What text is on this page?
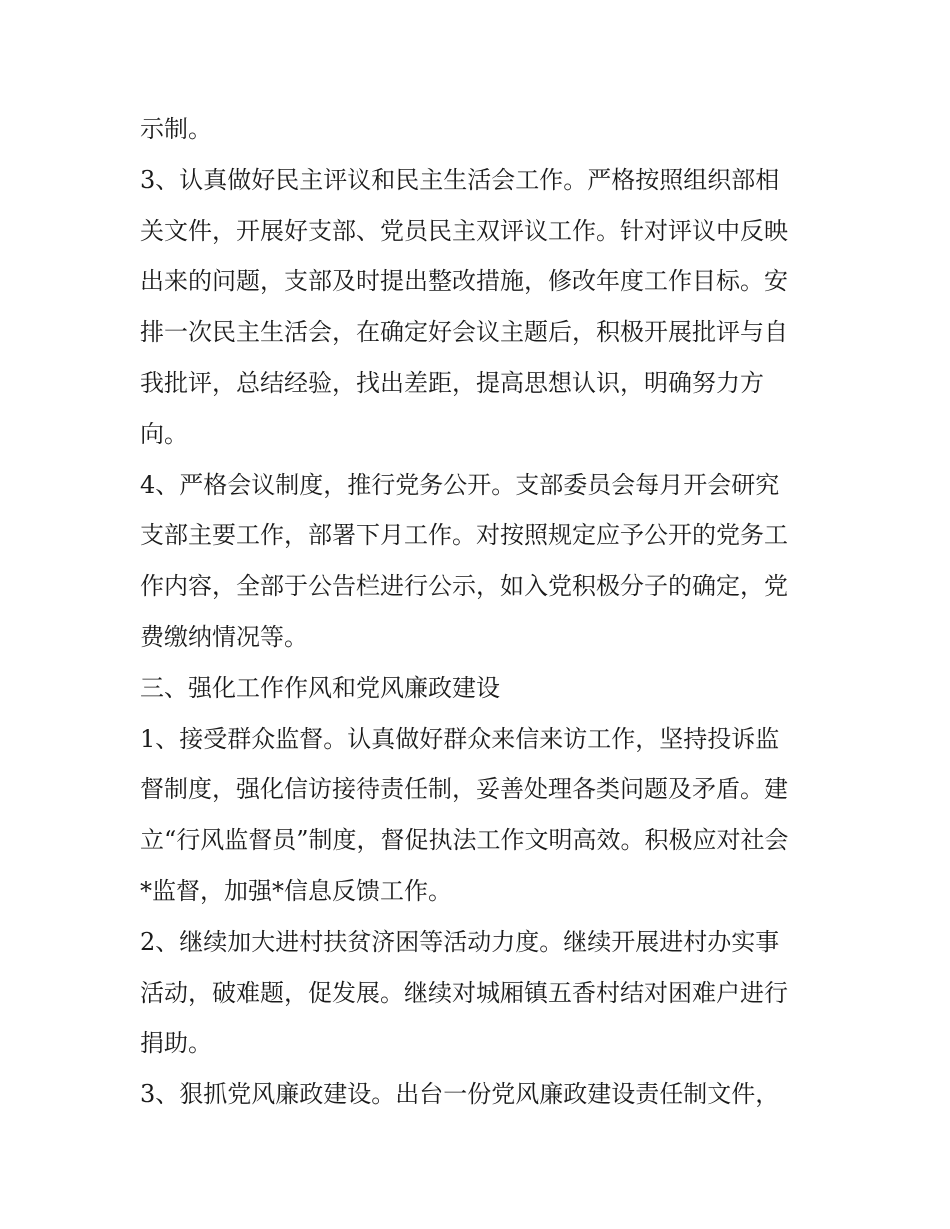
示制。
3、认真做好民主评议和民主生活会工作。严格按照组织部相
关文件，开展好支部、党员民主双评议工作。针对评议中反映
出来的问题，支部及时提出整改措施，修改年度工作目标。安
排一次民主生活会，在确定好会议主题后，积极开展批评与自
我批评，总结经验，找出差距，提高思想认识，明确努力方
向。
4、严格会议制度，推行党务公开。支部委员会每月开会研究
支部主要工作，部署下月工作。对按照规定应予公开的党务工
作内容，全部于公告栏进行公示，如入党积极分子的确定，党
费缴纳情况等。
三、强化工作作风和党风廉政建设
1、接受群众监督。认真做好群众来信来访工作，坚持投诉监
督制度，强化信访接待责任制，妥善处理各类问题及矛盾。建
立“行风监督员”制度，督促执法工作文明高效。积极应对社会
*监督，加强*信息反馈工作。
2、继续加大进村扶贫济困等活动力度。继续开展进村办实事
活动，破难题，促发展。继续对城厢镇五香村结对困难户进行
捐助。
3、狠抓党风廉政建设。出台一份党风廉政建设责任制文件，
